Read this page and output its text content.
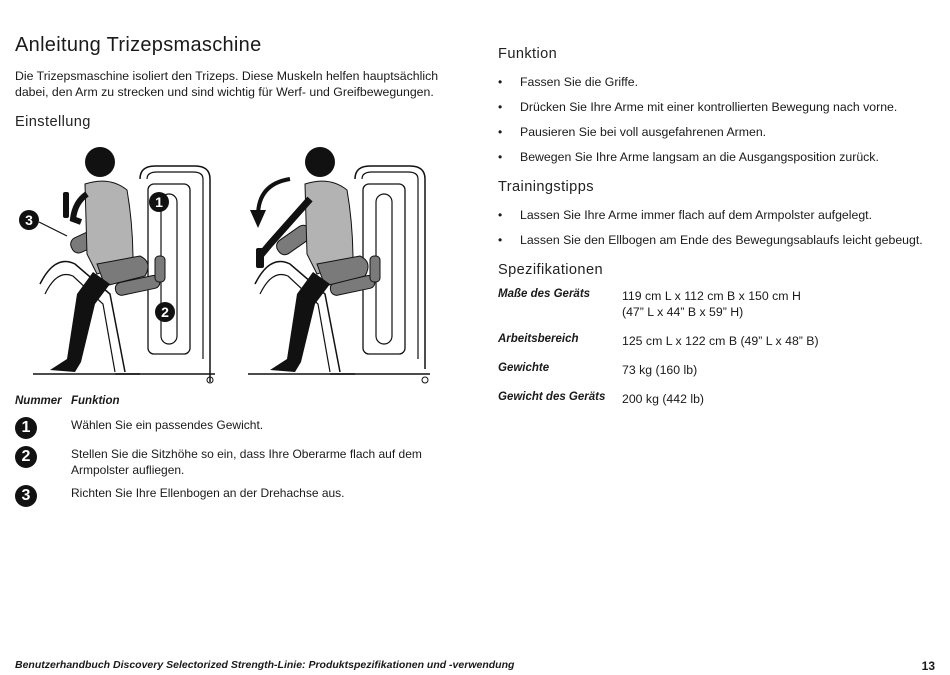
Anleitung Trizepsmaschine

Die Trizepsmaschine isoliert den Trizeps. Diese Muskeln helfen hauptsächlich dabei, den Arm zu strecken und sind wichtig für Werf- und Greifbewegungen.

Einstellung
1
2
3
Nummer Funktion
1	Wählen Sie ein passendes Gewicht.
2	Stellen Sie die Sitzhöhe so ein, dass Ihre Oberarme flach auf dem Armpolster aufliegen.
3	Richten Sie Ihre Ellenbogen an der Drehachse aus.
Funktion
• Fassen Sie die Griffe.
• Drücken Sie Ihre Arme mit einer kontrollierten Bewegung nach vorne.
• Pausieren Sie bei voll ausgefahrenen Armen.
• Bewegen Sie Ihre Arme langsam an die Ausgangsposition zurück.
Trainingstipps
• Lassen Sie Ihre Arme immer flach auf dem Armpolster aufgelegt.
• Lassen Sie den Ellbogen am Ende des Bewegungsablaufs leicht gebeugt.
Spezifikationen
Maße des Geräts	119 cm L x 112 cm B x 150 cm H
(47” L x 44” B x 59” H)
Arbeitsbereich	125 cm L x 122 cm B (49” L x 48” B)
Gewichte	73 kg (160 lb)
Gewicht des Geräts	200 kg (442 lb)
Benutzerhandbuch Discovery Selectorized Strength-Linie: Produktspezifikationen und -verwendung	13
